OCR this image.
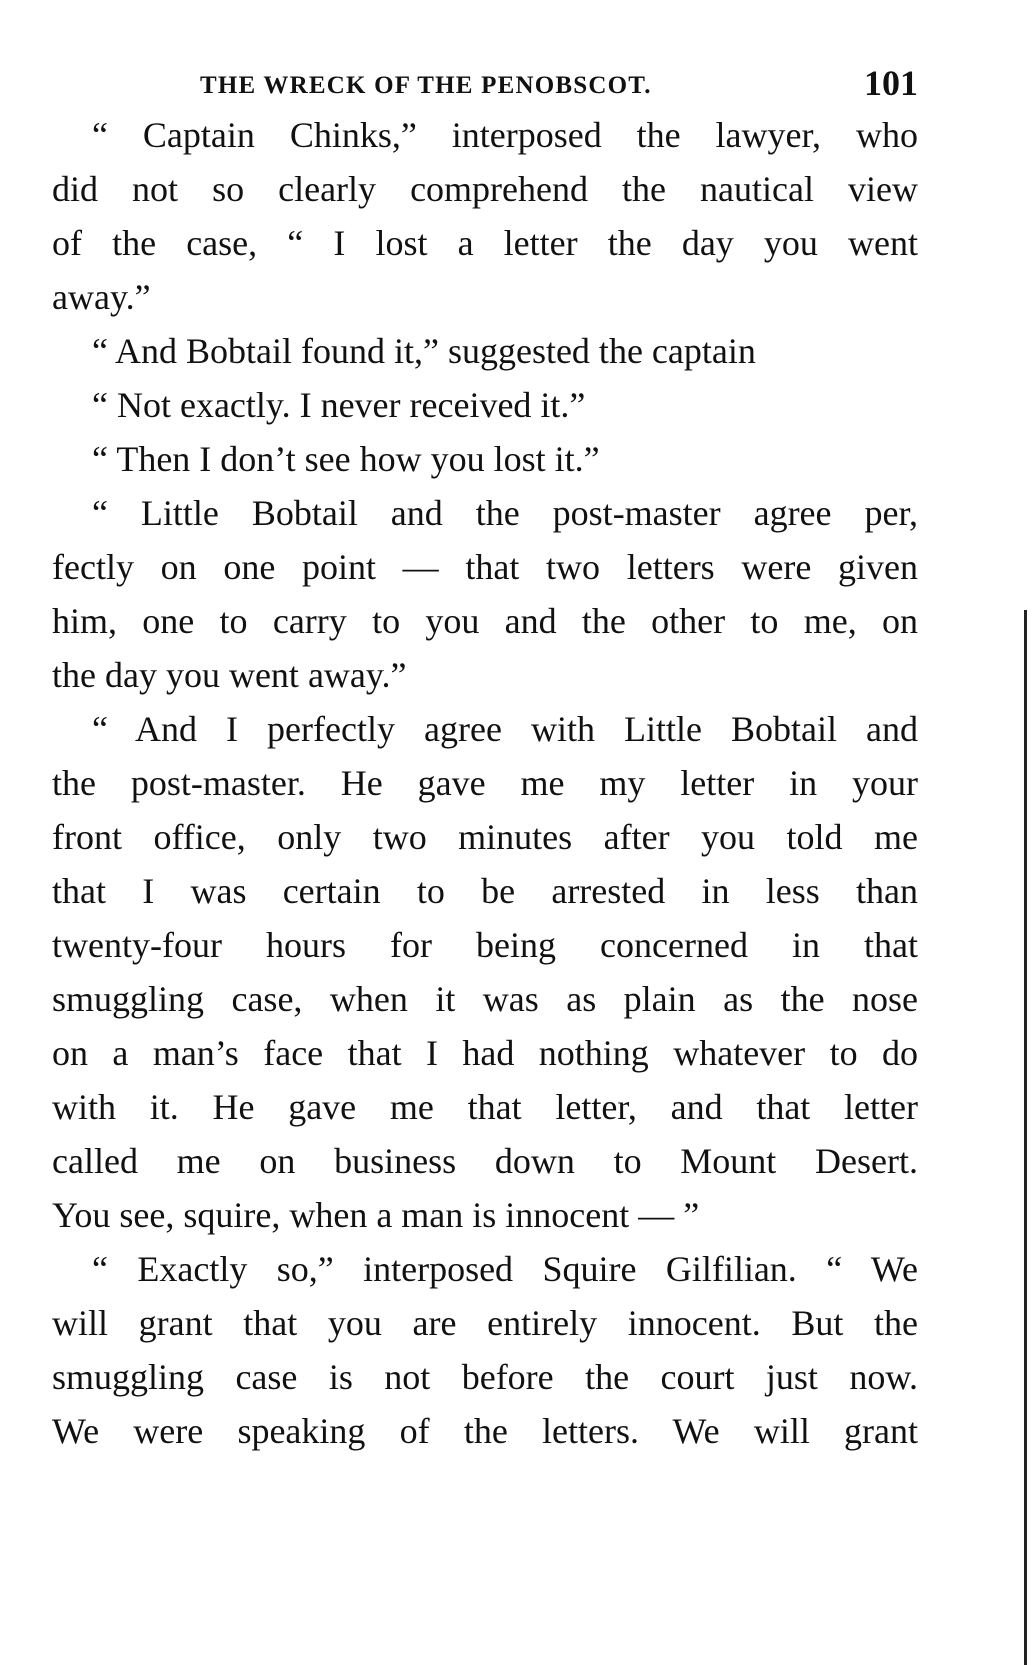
THE WRECK OF THE PENOBSCOT.	101

“ Captain Chinks,” interposed the lawyer, who
did not so clearly comprehend the nautical view
of the case, “ I lost a letter the day you went
away.”

“ And Bobtail found it,” suggested the captain

“ Not exactly. I never received it.”

“ Then I don’t see how you lost it.”

“ Little Bobtail and the post-master agree per,
fectly on one point — that two letters were given
him, one to carry to you and the other to me, on
the day you went away.”

“ And I perfectly agree with Little Bobtail and
the post-master. He gave me my letter in your
front office, only two minutes after you told me
that I was certain to be arrested in less than
twenty-four hours for being concerned in that
smuggling case, when it was as plain as the nose
on a man’s face that I had nothing whatever to do
with it. He gave me that letter, and that letter
called me on business down to Mount Desert.
You see, squire, when a man is innocent — ”

“ Exactly so,” interposed Squire Gilfilian. “ We
will grant that you are entirely innocent. But the
smuggling case is not before the court just now.
We were speaking of the letters. We will grant
